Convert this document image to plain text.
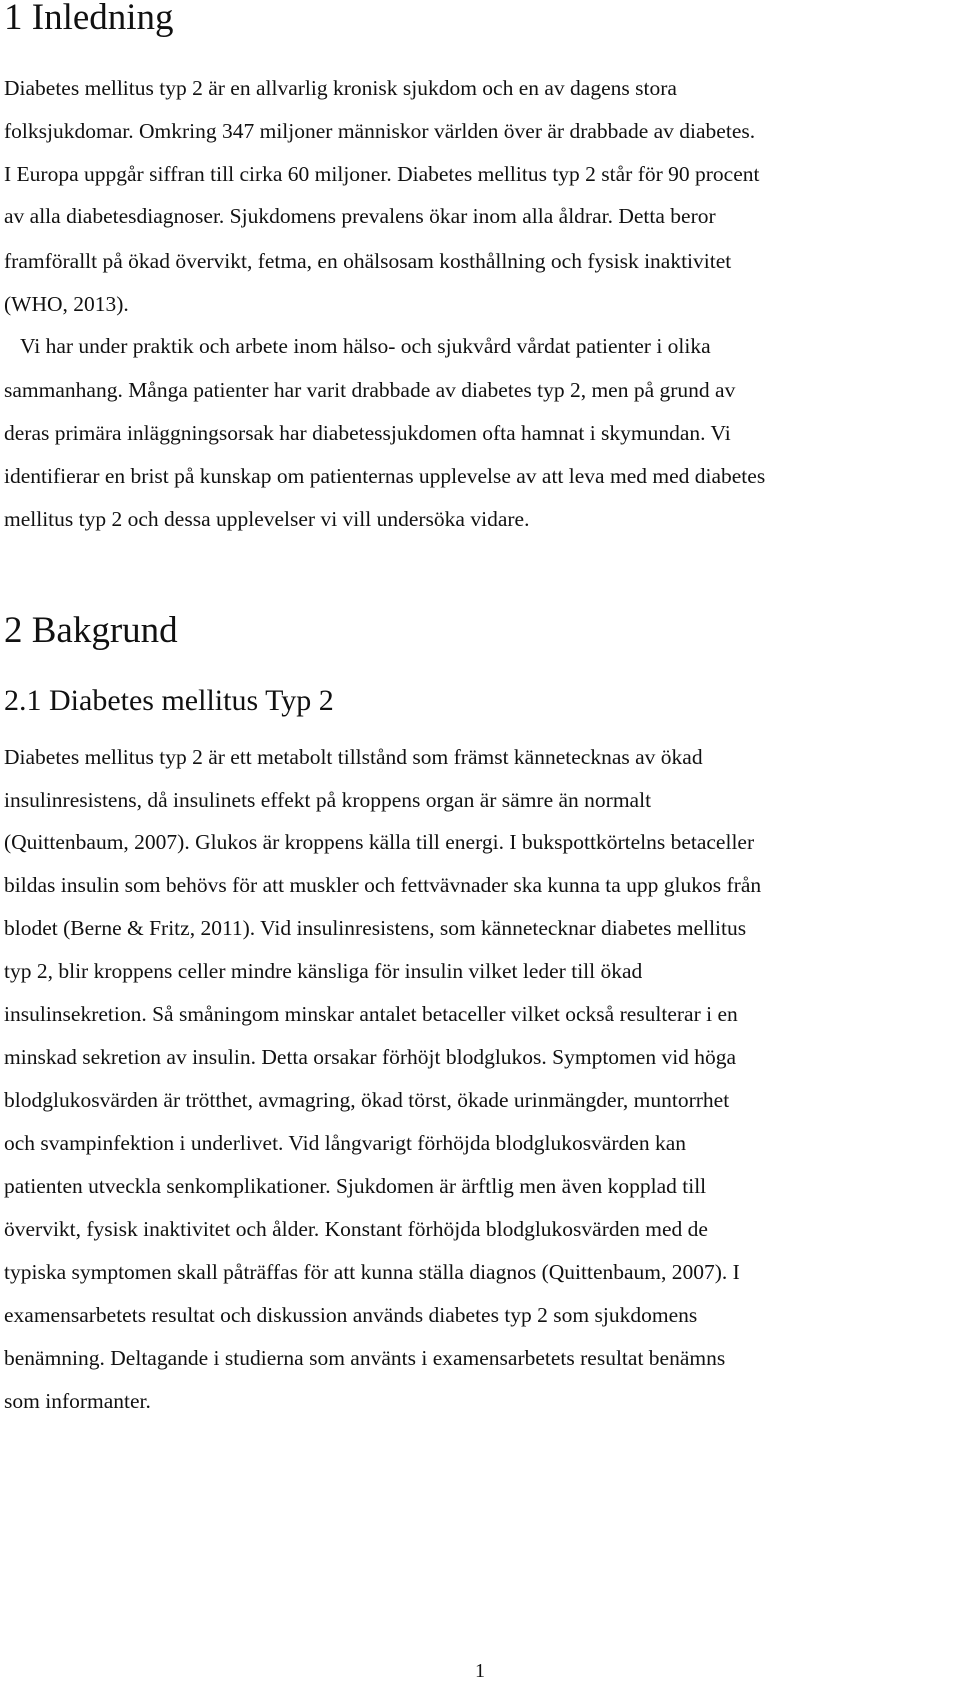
1 Inledning

Diabetes mellitus typ 2 är en allvarlig kronisk sjukdom och en av dagens stora

folksjukdomar. Omkring 347 miljoner människor världen över är drabbade av diabetes.

I Europa uppgår siffran till cirka 60 miljoner. Diabetes mellitus typ 2 står för 90 procent

av alla diabetesdiagnoser. Sjukdomens prevalens ökar inom alla åldrar. Detta beror

framförallt på ökad övervikt, fetma, en ohälsosam kosthållning och fysisk inaktivitet

(WHO, 2013).

Vi har under praktik och arbete inom hälso- och sjukvård vårdat patienter i olika

sammanhang. Många patienter har varit drabbade av diabetes typ 2, men på grund av

deras primära inläggningsorsak har diabetessjukdomen ofta hamnat i skymundan. Vi

identifierar en brist på kunskap om patienternas upplevelse av att leva med med diabetes

mellitus typ 2 och dessa upplevelser vi vill undersöka vidare.

2 Bakgrund
2.1 Diabetes mellitus Typ 2

Diabetes mellitus typ 2 är ett metabolt tillstånd som främst kännetecknas av ökad

insulinresistens, då insulinets effekt på kroppens organ är sämre än normalt

(Quittenbaum, 2007). Glukos är kroppens källa till energi. I bukspottkörtelns betaceller

bildas insulin som behövs för att muskler och fettvävnader ska kunna ta upp glukos från

blodet (Berne & Fritz, 2011). Vid insulinresistens, som kännetecknar diabetes mellitus

typ 2, blir kroppens celler mindre känsliga för insulin vilket leder till ökad

insulinsekretion. Så småningom minskar antalet betaceller vilket också resulterar i en

minskad sekretion av insulin. Detta orsakar förhöjt blodglukos. Symptomen vid höga

blodglukosvärden är trötthet, avmagring, ökad törst, ökade urinmängder, muntorrhet

och svampinfektion i underlivet. Vid långvarigt förhöjda blodglukosvärden kan

patienten utveckla senkomplikationer. Sjukdomen är ärftlig men även kopplad till

övervikt, fysisk inaktivitet och ålder. Konstant förhöjda blodglukosvärden med de

typiska symptomen skall påträffas för att kunna ställa diagnos (Quittenbaum, 2007). I

examensarbetets resultat och diskussion används diabetes typ 2 som sjukdomens

benämning. Deltagande i studierna som använts i examensarbetets resultat benämns

som informanter.

1
